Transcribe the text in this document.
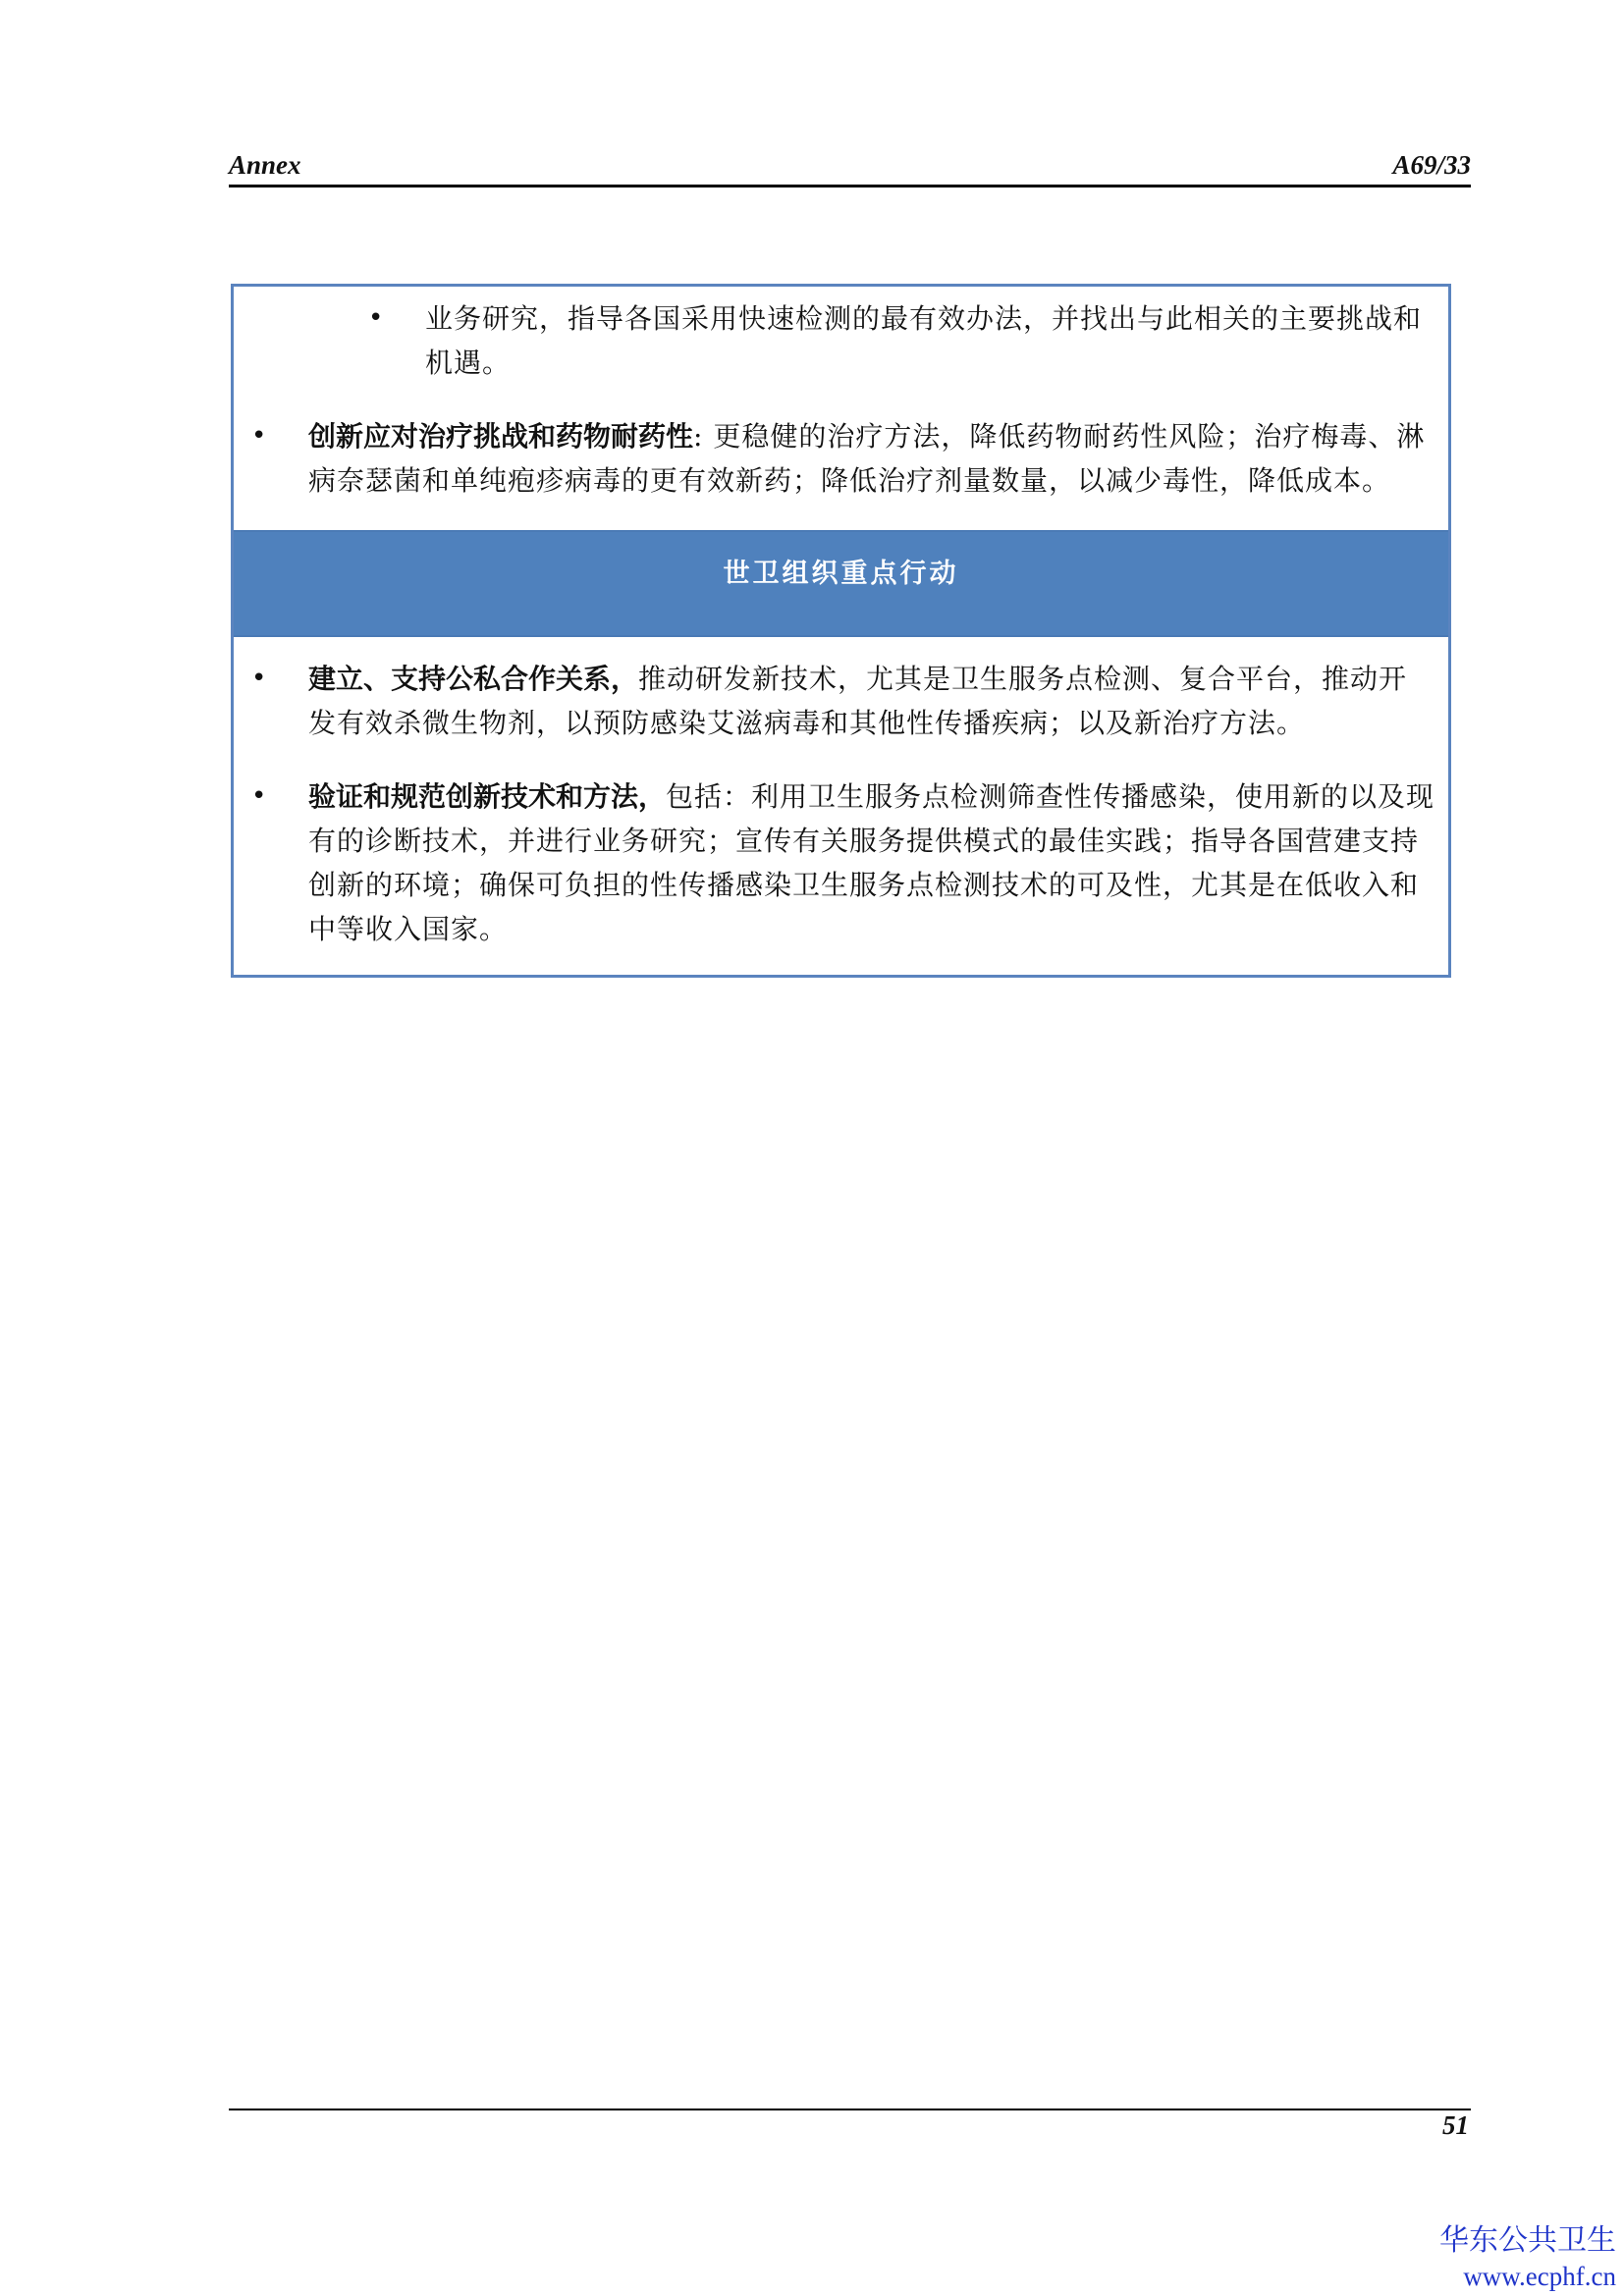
Annex	A69/33
• 业务研究，指导各国采用快速检测的最有效办法，并找出与此相关的主要挑战和机遇。
• 创新应对治疗挑战和药物耐药性: 更稳健的治疗方法，降低药物耐药性风险；治疗梅毒、淋病奈瑟菌和单纯疱疹病毒的更有效新药；降低治疗剂量数量，以减少毒性，降低成本。
世卫组织重点行动
• 建立、支持公私合作关系，推动研发新技术，尤其是卫生服务点检测、复合平台，推动开发有效杀微生物剂，以预防感染艾滋病毒和其他性传播疾病；以及新治疗方法。
• 验证和规范创新技术和方法，包括：利用卫生服务点检测筛查性传播感染，使用新的以及现有的诊断技术，并进行业务研究；宣传有关服务提供模式的最佳实践；指导各国营建支持创新的环境；确保可负担的性传播感染卫生服务点检测技术的可及性，尤其是在低收入和中等收入国家。
51
华东公共卫生
www.ecphf.cn
